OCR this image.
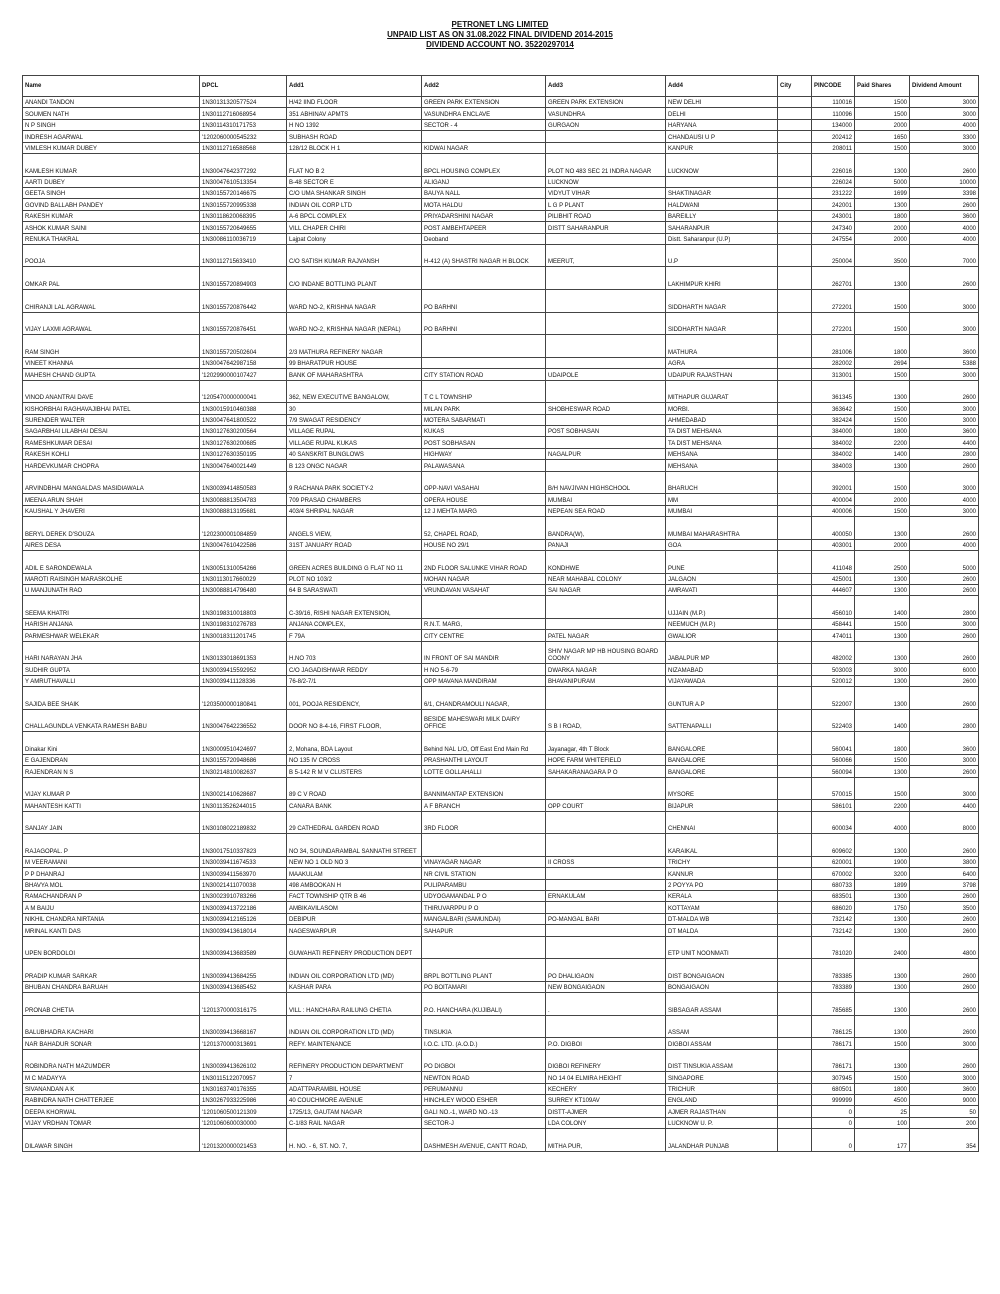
PETRONET LNG LIMITED
UNPAID LIST AS ON 31.08.2022 FINAL DIVIDEND 2014-2015
DIVIDEND ACCOUNT NO. 35220297014
Name	DPCL	Add1	Add2	Add3	Add4	City	PINCODE	Paid Shares	Dividend Amount
ANANDI TANDON	1N30131320577524	H/42 IIND FLOOR	GREEN PARK EXTENSION	GREEN PARK EXTENSION	NEW DELHI		110016	1500	3000
SOUMEN NATH	1N30112716068954	351 ABHINAV APMTS	VASUNDHRA ENCLAVE	VASUNDHRA	DELHI		110096	1500	3000
N P SINGH	1N30114310171753	H NO 1392	SECTOR - 4	GURGAON	HARYANA		134000	2000	4000
INDRESH AGARWAL	'1202060000545232	SUBHASH ROAD			CHANDAUSI U P		202412	1650	3300
VIMLESH KUMAR DUBEY	1N30112716588568	128/12 BLOCK H 1	KIDWAI NAGAR		KANPUR		208011	1500	3000
KAMLESH KUMAR	1N30047642377292	FLAT NO B 2	BPCL HOUSING COMPLEX	PLOT NO 483 SEC 21 INDRA NAGAR	LUCKNOW		226016	1300	2600
AARTI DUBEY	1N30047610513354	B-48 SECTOR E	ALIGANJ	LUCKNOW			226024	5000	10000
GEETA SINGH	1N30155720146675	C/O UMA SHANKAR SINGH	BAUYA NALL	VIDYUT VIHAR	SHAKTINAGAR		231222	1699	3398
GOVIND BALLABH PANDEY	1N30155720995338	INDIAN OIL CORP LTD	MOTA HALDU	L G P PLANT	HALDWANI		242001	1300	2600
RAKESH KUMAR	1N30118620068395	A-6 BPCL COMPLEX	PRIYADARSHINI NAGAR	PILIBHIT ROAD	BAREILLY		243001	1800	3600
ASHOK KUMAR SAINI	1N30155720649655	VILL CHAPER CHIRI	POST AMBEHTAPEER	DISTT SAHARANPUR	SAHARANPUR		247340	2000	4000
RENUKA THAKRAL	1N30086110036719	Lajpat Colony	Deoband		Distt. Saharanpur (U.P)		247554	2000	4000
POOJA	1N30112715633410	C/O SATISH KUMAR RAJVANSH	H-412 (A) SHASTRI NAGAR H BLOCK	MEERUT,	U.P		250004	3500	7000
OMKAR PAL	1N30155720894903	C/O INDANE BOTTLING PLANT			LAKHIMPUR KHIRI		262701	1300	2600
CHIRANJI LAL AGRAWAL	1N30155720876442	WARD NO-2, KRISHNA NAGAR	PO BARHNI		SIDDHARTH NAGAR		272201	1500	3000
VIJAY LAXMI AGRAWAL	1N30155720876451	WARD NO-2, KRISHNA NAGAR (NEPAL)	PO BARHNI		SIDDHARTH NAGAR		272201	1500	3000
RAM SINGH	1N30155720502604	2/3 MATHURA REFINERY NAGAR			MATHURA		281006	1800	3600
VINEET KHANNA	1N30047642987158	99 BHARATPUR HOUSE			AGRA		282002	2694	5388
MAHESH CHAND GUPTA	'1202990000107427	BANK OF MAHARASHTRA	CITY STATION ROAD	UDAIPOLE	UDAIPUR RAJASTHAN		313001	1500	3000
VINOD ANANTRAI DAVE	'1205470000000041	362, NEW EXECUTIVE BANGALOW,	T C L TOWNSHIP		MITHAPUR GUJARAT		361345	1300	2600
KISHORBHAI RAGHAVAJIBHAI PATEL	1N30015910460388	30	MILAN PARK	SHOBHESWAR ROAD	MORBI.		363642	1500	3000
SURENDER WALTER	1N30047641800522	7/9 SWAGAT RESIDENCY	MOTERA SABARMATI		AHMEDABAD		382424	1500	3000
SAGARBHAI LILABHAI DESAI	1N30127630200564	VILLAGE RUPAL	KUKAS	POST SOBHASAN	TA DIST MEHSANA		384000	1800	3600
RAMESHKUMAR DESAI	1N30127630200685	VILLAGE RUPAL KUKAS	POST SOBHASAN		TA DIST MEHSANA		384002	2200	4400
RAKESH KOHLI	1N30127630350195	40 SANSKRIT BUNGLOWS	HIGHWAY	NAGALPUR	MEHSANA		384002	1400	2800
HARDEVKUMAR CHOPRA	1N30047640021449	B 123 ONGC NAGAR	PALAWASANA		MEHSANA		384003	1300	2600
ARVINDBHAI MANGALDAS MASIDIAWALA	1N30039414850583	9 RACHANA PARK SOCIETY-2	OPP-NAVI VASAHAI	B/H NAVJIVAN HIGHSCHOOL	BHARUCH		392001	1500	3000
MEENA ARUN SHAH	1N30088813504783	709 PRASAD CHAMBERS	OPERA HOUSE	MUMBAI	MM		400004	2000	4000
KAUSHAL Y JHAVERI	1N30088813195681	403/4 SHRIPAL NAGAR	12 J MEHTA MARG	NEPEAN SEA ROAD	MUMBAI		400006	1500	3000
BERYL DEREK D'SOUZA	'1202300001084859	ANGELS VIEW,	52, CHAPEL ROAD,	BANDRA(W),	MUMBAI MAHARASHTRA		400050	1300	2600
AIRES DESA	1N30047610422586	31ST JANUARY ROAD	HOUSE NO 29/1	PANAJI	GOA		403001	2000	4000
ADIL E SARONDEWALA	1N30051310054266	GREEN ACRES BUILDING G FLAT NO 11	2ND FLOOR SALUNKE VIHAR ROAD	KONDHWE	PUNE		411048	2500	5000
MAROTI RAISINGH MARASKOLHE	1N30113017660029	PLOT NO 103/2	MOHAN NAGAR	NEAR MAHABAL COLONY	JALGAON		425001	1300	2600
U MANJUNATH RAO	1N30088814796480	64 B SARASWATI	VRUNDAVAN VASAHAT	SAI NAGAR	AMRAVATI		444607	1300	2600
SEEMA KHATRI	1N30198310018803	C-39/16, RISHI NAGAR EXTENSION,			UJJAIN (M.P.)		456010	1400	2800
HARISH ANJANA	1N30198310276783	ANJANA COMPLEX,	R.N.T. MARG,		NEEMUCH (M.P.)		458441	1500	3000
PARMESHWAR WELEKAR	1N30018311201745	F 79A	CITY CENTRE	PATEL NAGAR	GWALIOR		474011	1300	2600
HARI NARAYAN JHA	1N30133018691353	H.NO 703	IN FRONT OF SAI MANDIR	SHIV NAGAR MP HB HOUSING BOARD COONY	JABALPUR MP		482002	1300	2600
SUDHIR GUPTA	1N30039415592952	C/O JAGADISHWAR REDDY	H NO 5-6-79	DWARKA NAGAR	NIZAMABAD		503003	3000	6000
Y AMRUTHAVALLI	1N30039411128336	76-8/2-7/1	OPP MAVANA MANDIRAM	BHAVANIPURAM	VIJAYAWADA		520012	1300	2600
SAJIDA BEE SHAIK	'1203500000180841	001, POOJA RESIDENCY,	6/1, CHANDRAMOULI NAGAR,		GUNTUR A.P		522007	1300	2600
CHALLAGUNDLA VENKATA RAMESH BABU	1N30047642236552	DOOR NO 8-4-16, FIRST FLOOR,	BESIDE MAHESWARI MILK DAIRY OFFICE	S B I ROAD,	SATTENAPALLI		522403	1400	2800
Dinakar Kini	1N30009510424697	2, Mohana, BDA Layout	Behind NAL L/O, Off East End Main Rd	Jayanagar, 4th T Block	BANGALORE		560041	1800	3600
E GAJENDRAN	1N30155720948686	NO 135 IV CROSS	PRASHANTHI LAYOUT	HOPE FARM WHITEFIELD	BANGALORE		560066	1500	3000
RAJENDRAN N S	1N30214810082637	B 5-142 R M V CLUSTERS	LOTTE GOLLAHALLI	SAHAKARANAGARA P O	BANGALORE		560094	1300	2600
VIJAY KUMAR P	1N30021410628687	89 C V ROAD	BANNIMANTAP EXTENSION		MYSORE		570015	1500	3000
MAHANTESH KATTI	1N30113526244015	CANARA BANK	A F BRANCH	OPP COURT	BIJAPUR		586101	2200	4400
SANJAY JAIN	1N30108022189832	29 CATHEDRAL GARDEN ROAD	3RD FLOOR		CHENNAI		600034	4000	8000
RAJAGOPAL. P	1N30017510337823	NO 34, SOUNDARAMBAL SANNATHI STREET			KARAIKAL		609602	1300	2600
M VEERAMANI	1N30039411674533	NEW NO 1 OLD NO 3	VINAYAGAR NAGAR	II CROSS	TRICHY		620001	1900	3800
P P DHANRAJ	1N30039411563970	MAAKULAM	NR CIVIL STATION		KANNUR		670002	3200	6400
BHAVYA MOL	1N30021411070038	498 AMBOOKAN H	PULIPARAMBU		2 POYYA PO		680733	1899	3798
RAMACHANDRAN P	1N30023910783266	FACT TOWNSHIP QTR B 46	UDYOGAMANDAL P O	ERNAKULAM	KERALA		683501	1300	2600
A M BAIJU	1N30039413722186	AMBIKAVILASOM	THIRUVARPPU P O		KOTTAYAM		686020	1750	3500
NIKHIL CHANDRA NIRTANIA	1N30039412165126	DEBIPUR	MANGALBARI (SAMUNDAI)	PO-MANGAL BARI	DT-MALDA WB		732142	1300	2600
MRINAL KANTI DAS	1N30039413618014	NAGESWARPUR	SAHAPUR		DT MALDA		732142	1300	2600
UPEN BORDOLOI	1N30039413683589	GUWAHATI REFINERY PRODUCTION DEPT			ETP UNIT NOONMATI		781020	2400	4800
PRADIP KUMAR SARKAR	1N30039413684255	INDIAN OIL CORPORATION LTD (MD)	BRPL BOTTLING PLANT	PO DHALIGAON	DIST BONGAIGAON		783385	1300	2600
BHUBAN CHANDRA BARUAH	1N30039413685452	KASHAR PARA	PO BOITAMARI	NEW BONGAIGAON	BONGAIGAON		783389	1300	2600
PRONAB CHETIA	'1201370000316175	VILL : HANCHARA RAILUNG CHETIA	P.O. HANCHARA (KUJIBALI)	.	SIBSAGAR ASSAM		785685	1300	2600
BALUBHADRA KACHARI	1N30039413668167	INDIAN OIL CORPORATION LTD (MD)	TINSUKIA		ASSAM		786125	1300	2600
NAR BAHADUR SONAR	'1201370000313691	REFY. MAINTENANCE	I.O.C. LTD. (A.O.D.)	P.O. DIGBOI	DIGBOI ASSAM		786171	1500	3000
ROBINDRA NATH MAZUMDER	1N30039413626102	REFINERY PRODUCTION DEPARTMENT	PO DIGBOI	DIGBOI REFINERY	DIST TINSUKIA ASSAM		786171	1300	2600
M C MADAYYA	1N30115122070957	7	NEWTON ROAD	NO 14 04 ELMIRA HEIGHT	SINGAPORE		307945	1500	3000
SIVANANDAN A K	1N30163740176355	ADATTPARAMBIL HOUSE	PERUMANNU	KECHERY	TRICHUR		680501	1800	3600
RABINDRA NATH CHATTERJEE	1N30267933225986	40 COUCHMORE AVENUE	HINCHLEY WOOD ESHER	SURREY KT109AV	ENGLAND		999999	4500	9000
DEEPA KHORWAL	'1201060500121309	1725/13, GAUTAM NAGAR	GALI NO.-1, WARD NO.-13	DISTT-AJMER	AJMER RAJASTHAN		0	25	50
VIJAY VRDHAN TOMAR	'1201060600030000	C-1/83 RAIL NAGAR	SECTOR-J	LDA COLONY	LUCKNOW U. P.		0	100	200
DILAWAR SINGH	'1201320000021453	H. NO. - 6, ST. NO. 7,	DASHMESH AVENUE, CANTT ROAD,	MITHA PUR,	JALANDHAR PUNJAB		0	177	354
